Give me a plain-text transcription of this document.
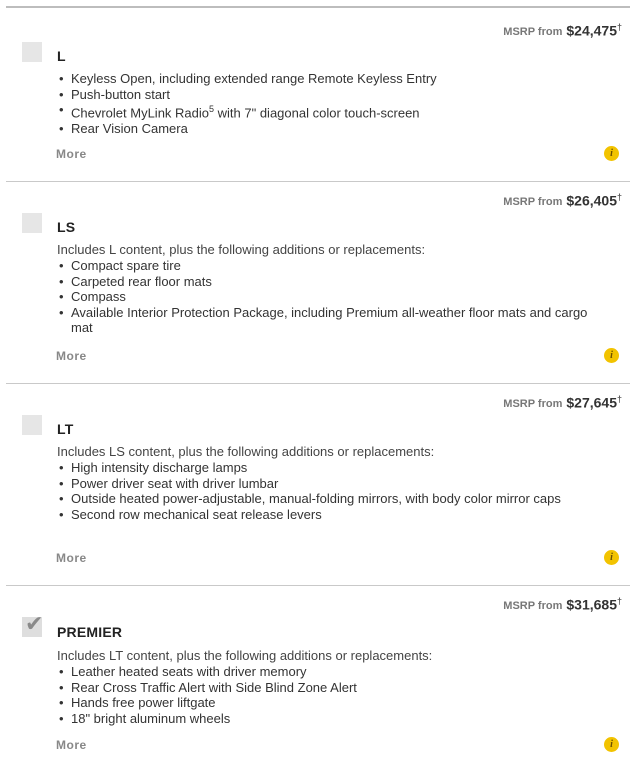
MSRP from $24,475†
L
• Keyless Open, including extended range Remote Keyless Entry
• Push-button start
• Chevrolet MyLink Radio$^5$ with 7" diagonal color touch-screen
• Rear Vision Camera
More	i
MSRP from $26,405†
LS
Includes L content, plus the following additions or replacements:
• Compact spare tire
• Carpeted rear floor mats
• Compass
• Available Interior Protection Package, including Premium all-weather floor mats and cargo mat
More	i
MSRP from $27,645†
LT
Includes LS content, plus the following additions or replacements:
• High intensity discharge lamps
• Power driver seat with driver lumbar
• Outside heated power-adjustable, manual-folding mirrors, with body color mirror caps
• Second row mechanical seat release levers
More	i
MSRP from $31,685†
✔ PREMIER
Includes LT content, plus the following additions or replacements:
• Leather heated seats with driver memory
• Rear Cross Traffic Alert with Side Blind Zone Alert
• Hands free power liftgate
• 18" bright aluminum wheels
More	i
